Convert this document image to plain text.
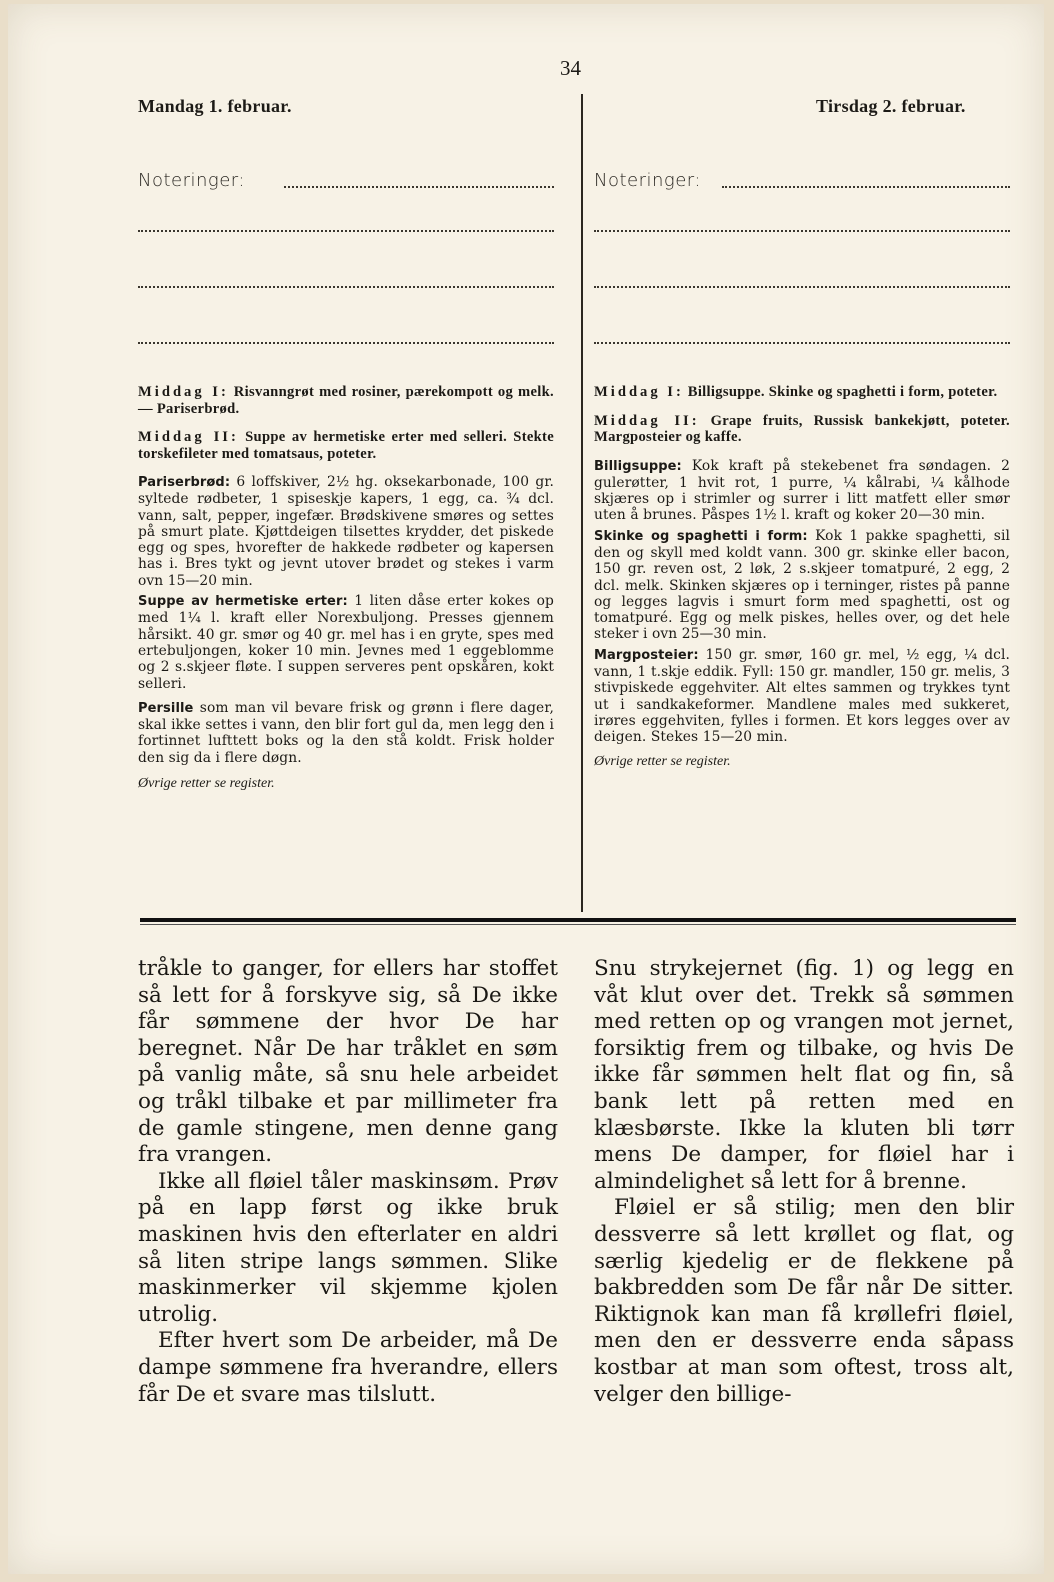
34
Mandag 1. februar.	Tirsdag 2. februar.
Noteringer:	Noteringer:

Middag I: Risvanngrøt med rosiner, pærekompott og melk. — Pariserbrød.

Middag II: Suppe av hermetiske erter med selleri. Stekte torskefileter med tomatsaus, poteter.

Pariserbrød: 6 loffskiver, 2½ hg. oksekarbonade, 100 gr. syltede rødbeter, 1 spiseskje kapers, 1 egg, ca. ¾ dcl. vann, salt, pepper, ingefær. Brødskivene smøres og settes på smurt plate. Kjøttdeigen tilsettes krydder, det piskede egg og spes, hvorefter de hakkede rødbeter og kapersen has i. Bres tykt og jevnt utover brødet og stekes i varm ovn 15—20 min.

Suppe av hermetiske erter: 1 liten dåse erter kokes op med 1¼ l. kraft eller Norexbuljong. Presses gjennem hårsikt. 40 gr. smør og 40 gr. mel has i en gryte, spes med ertebuljongen, koker 10 min. Jevnes med 1 eggeblomme og 2 s.skjeer fløte. I suppen serveres pent opskåren, kokt selleri.

Persille som man vil bevare frisk og grønn i flere dager, skal ikke settes i vann, den blir fort gul da, men legg den i fortinnet lufttett boks og la den stå koldt. Frisk holder den sig da i flere døgn.

Øvrige retter se register.

Middag I: Billigsuppe. Skinke og spaghetti i form, poteter.

Middag II: Grape fruits, Russisk bankekjøtt, poteter. Margposteier og kaffe.

Billigsuppe: Kok kraft på stekebenet fra søndagen. 2 gulerøtter, 1 hvit rot, 1 purre, ¼ kålrabi, ¼ kålhode skjæres op i strimler og surrer i litt matfett eller smør uten å brunes. Påspes 1½ l. kraft og koker 20—30 min.

Skinke og spaghetti i form: Kok 1 pakke spaghetti, sil den og skyll med koldt vann. 300 gr. skinke eller bacon, 150 gr. reven ost, 2 løk, 2 s.skjeer tomatpuré, 2 egg, 2 dcl. melk. Skinken skjæres op i terninger, ristes på panne og legges lagvis i smurt form med spaghetti, ost og tomatpuré. Egg og melk piskes, helles over, og det hele steker i ovn 25—30 min.

Margposteier: 150 gr. smør, 160 gr. mel, ½ egg, ¼ dcl. vann, 1 t.skje eddik. Fyll: 150 gr. mandler, 150 gr. melis, 3 stivpiskede eggehviter. Alt eltes sammen og trykkes tynt ut i sandkakeformer. Mandlene males med sukkeret, irøres eggehviten, fylles i formen. Et kors legges over av deigen. Stekes 15—20 min.

Øvrige retter se register.

tråkle to ganger, for ellers har stoffet så lett for å forskyve sig, så De ikke får sømmene der hvor De har beregnet. Når De har tråklet en søm på vanlig måte, så snu hele arbeidet og tråkl tilbake et par millimeter fra de gamle stingene, men denne gang fra vrangen.

Ikke all fløiel tåler maskinsøm. Prøv på en lapp først og ikke bruk maskinen hvis den efterlater en aldri så liten stripe langs sømmen. Slike maskinmerker vil skjemme kjolen utrolig.

Efter hvert som De arbeider, må De dampe sømmene fra hverandre, ellers får De et svare mas tilslutt.

Snu strykejernet (fig. 1) og legg en våt klut over det. Trekk så sømmen med retten op og vrangen mot jernet, forsiktig frem og tilbake, og hvis De ikke får sømmen helt flat og fin, så bank lett på retten med en klæsbørste. Ikke la kluten bli tørr mens De damper, for fløiel har i almindelighet så lett for å brenne.

Fløiel er så stilig; men den blir dessverre så lett krøllet og flat, og særlig kjedelig er de flekkene på bakbredden som De får når De sitter. Riktignok kan man få krøllefri fløiel, men den er dessverre enda såpass kostbar at man som oftest, tross alt, velger den billige-
